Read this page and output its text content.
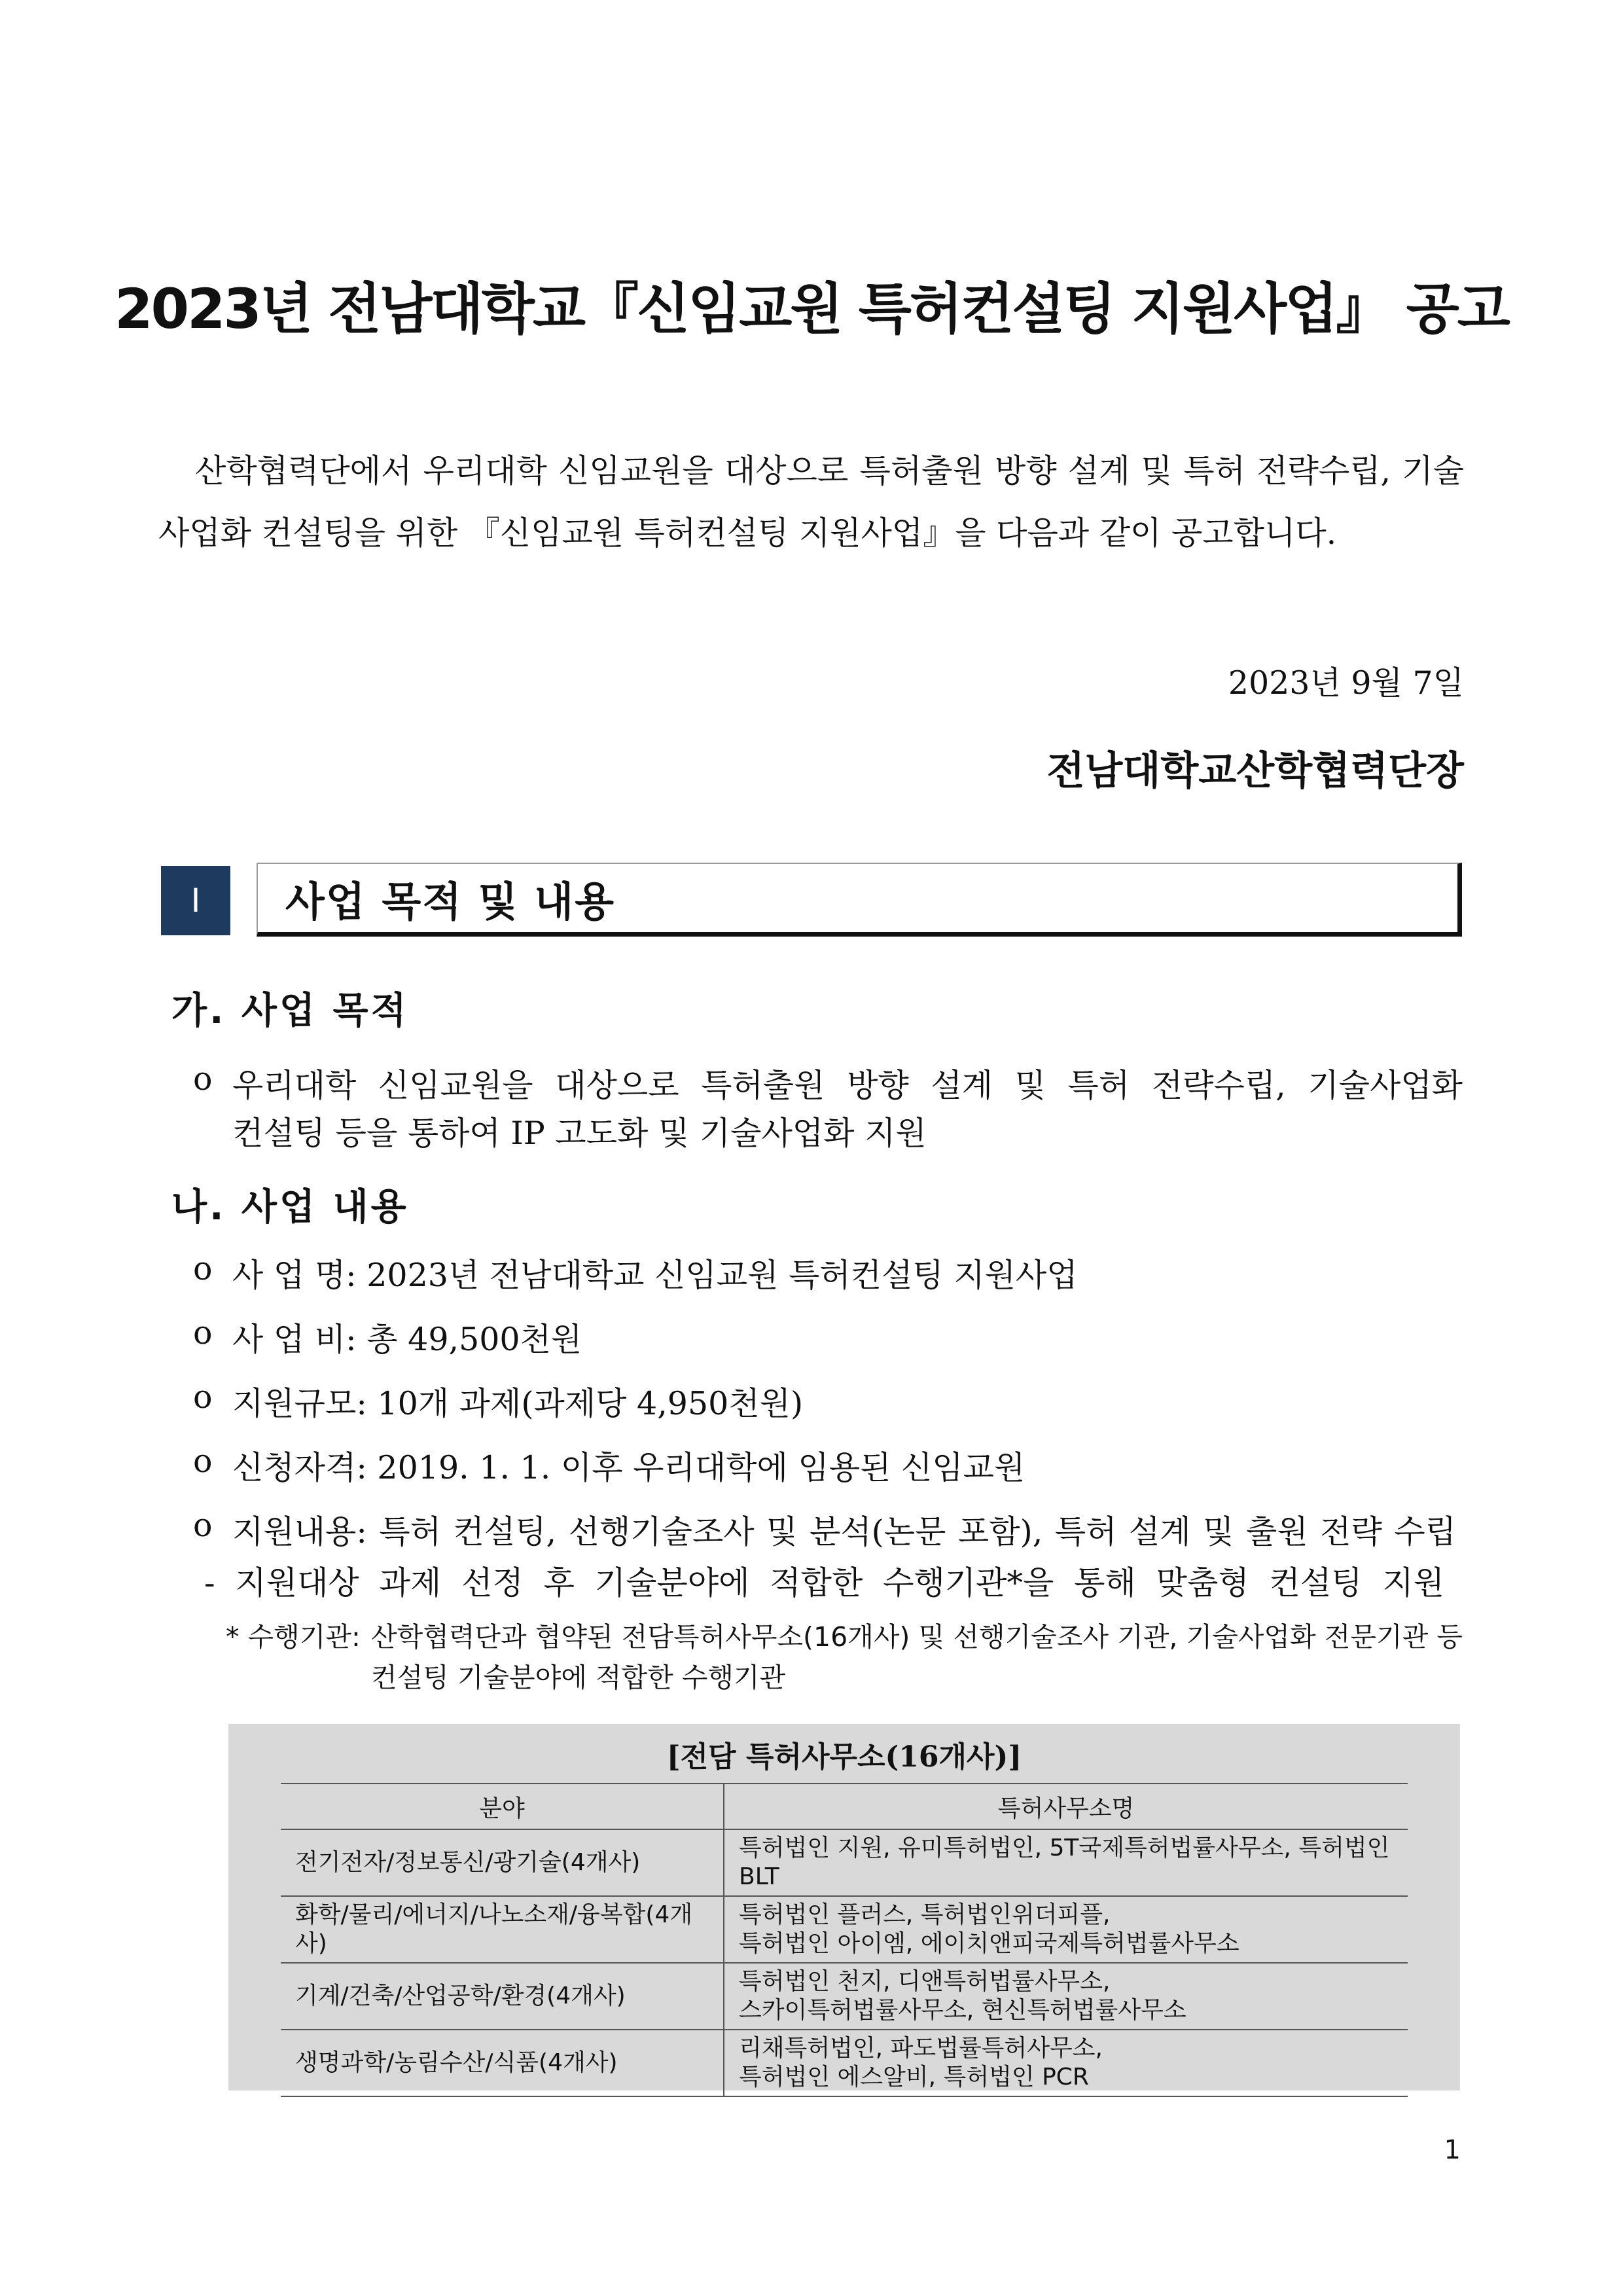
2023년 전남대학교『신임교원 특허컨설팅 지원사업』 공고

산학협력단에서 우리대학 신임교원을 대상으로 특허출원 방향 설계 및 특허 전략수립, 기술사업화 컨설팅을 위한 『신임교원 특허컨설팅 지원사업』을 다음과 같이 공고합니다.

2023년 9월 7일
전남대학교산학협력단장
Ⅰ	사업 목적 및 내용
가. 사업 목적
o 우리대학 신임교원을 대상으로 특허출원 방향 설계 및 특허 전략수립, 기술사업화
컨설팅 등을 통하여 IP 고도화 및 기술사업화 지원
나. 사업 내용
o 사 업 명: 2023년 전남대학교 신임교원 특허컨설팅 지원사업
o 사 업 비: 총 49,500천원
o 지원규모: 10개 과제(과제당 4,950천원)
o 신청자격: 2019. 1. 1. 이후 우리대학에 임용된 신임교원
o 지원내용: 특허 컨설팅, 선행기술조사 및 분석(논문 포함), 특허 설계 및 출원 전략 수립
- 지원대상 과제 선정 후 기술분야에 적합한 수행기관*을 통해 맞춤형 컨설팅 지원
* 수행기관: 산학협력단과 협약된 전담특허사무소(16개사) 및 선행기술조사 기관, 기술사업화 전문기관 등
컨설팅 기술분야에 적합한 수행기관
[전담 특허사무소(16개사)]
분야	특허사무소명
전기전자/정보통신/광기술(4개사)	특허법인 지원, 유미특허법인, 5T국제특허법률사무소, 특허법인 BLT
화학/물리/에너지/나노소재/융복합(4개사)	특허법인 플러스, 특허법인위더피플,
특허법인 아이엠, 에이치앤피국제특허법률사무소

기계/건축/산업공학/환경(4개사)	특허법인 천지, 디앤특허법률사무소,
스카이특허법률사무소, 현신특허법률사무소

생명과학/농림수산/식품(4개사)	리채특허법인, 파도법률특허사무소,
특허법인 에스알비, 특허법인 PCR
1
